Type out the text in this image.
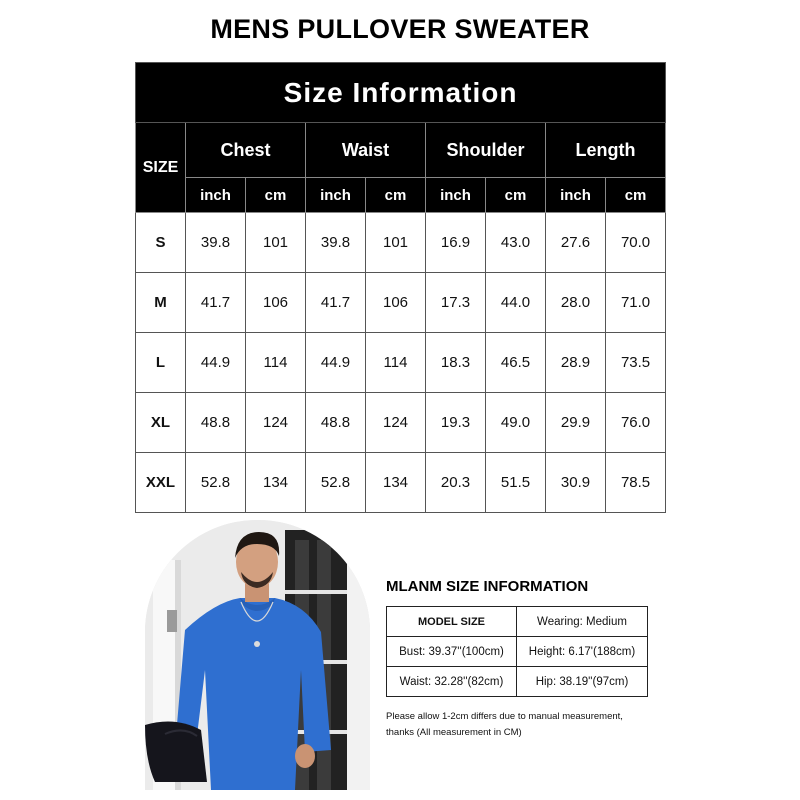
MENS PULLOVER SWEATER
Size Information								
SIZE	Chest		Waist		Shoulder		Length	
	inch	cm	inch	cm	inch	cm	inch	cm
S	39.8	101	39.8	101	16.9	43.0	27.6	70.0
M	41.7	106	41.7	106	17.3	44.0	28.0	71.0
L	44.9	114	44.9	114	18.3	46.5	28.9	73.5
XL	48.8	124	48.8	124	19.3	49.0	29.9	76.0
XXL	52.8	134	52.8	134	20.3	51.5	30.9	78.5
MLANM SIZE INFORMATION
MODEL SIZE	Wearing: Medium
Bust: 39.37''(100cm)	Height: 6.17'(188cm)
Waist: 32.28''(82cm)	Hip: 38.19''(97cm)
Please allow 1-2cm differs due to manual measurement, thanks (All measurement in CM)
